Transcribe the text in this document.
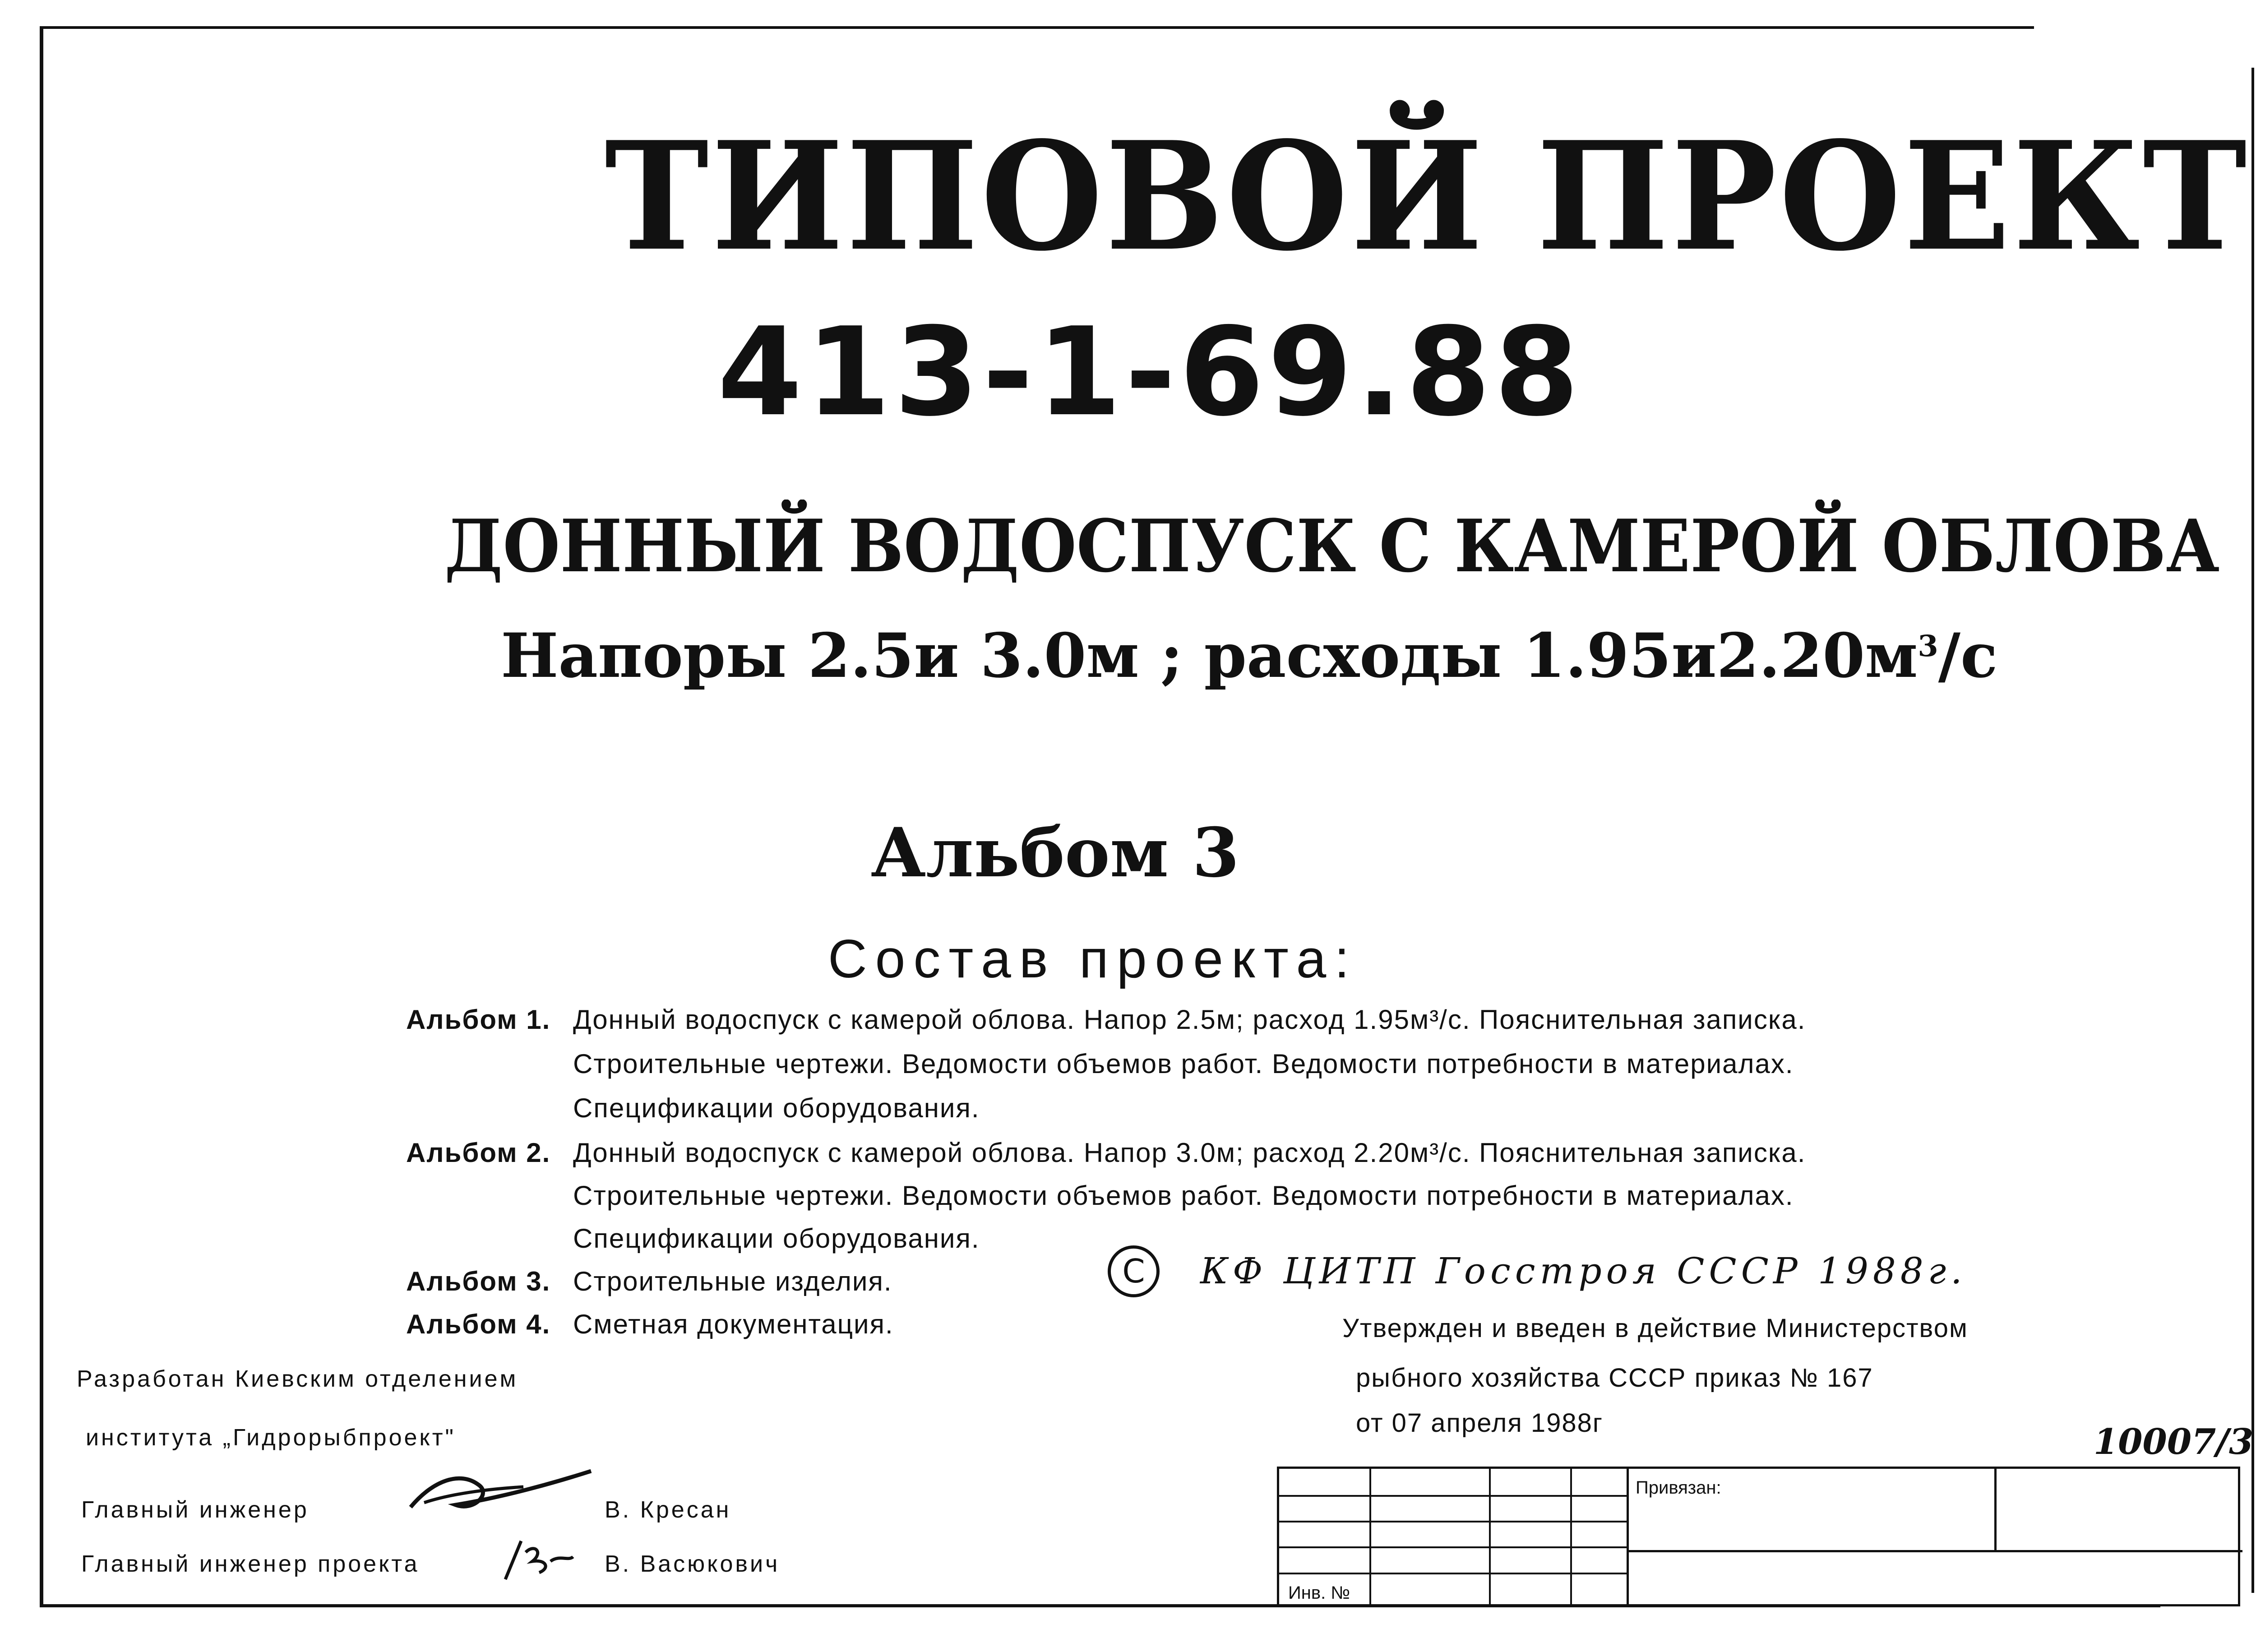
ТИПОВОЙ ПРОЕКТ
413-1-69.88
ДОННЫЙ ВОДОСПУСК С КАМЕРОЙ ОБЛОВА
Напоры 2.5и 3.0м ; расходы $1.95и2.20м^3/с$
Альбом 3
Состав проекта:
Альбом 1. Донный водоспуск с камерой облова. Напор 2.5м; расход 1.95м³/с. Пояснительная записка.
Строительные чертежи. Ведомости объемов работ. Ведомости потребности в материалах.
Спецификации оборудования.
Альбом 2. Донный водоспуск с камерой облова. Напор 3.0м; расход 2.20м³/с. Пояснительная записка.
Строительные чертежи. Ведомости объемов работ. Ведомости потребности в материалах.
Спецификации оборудования.
Альбом 3. Строительные изделия.
Альбом 4. Сметная документация.
С	КФ ЦИТП Госстроя СССР 1988г.
Утвержден и введен в действие Министерством
рыбного хозяйства СССР приказ № 167
от 07 апреля 1988г
Разработан Киевским отделением
института „Гидрорыбпроект"
Главный инженер	В. Кресан
Главный инженер проекта	В. Васюкович
10007/3
Привязан:
Инв. №
